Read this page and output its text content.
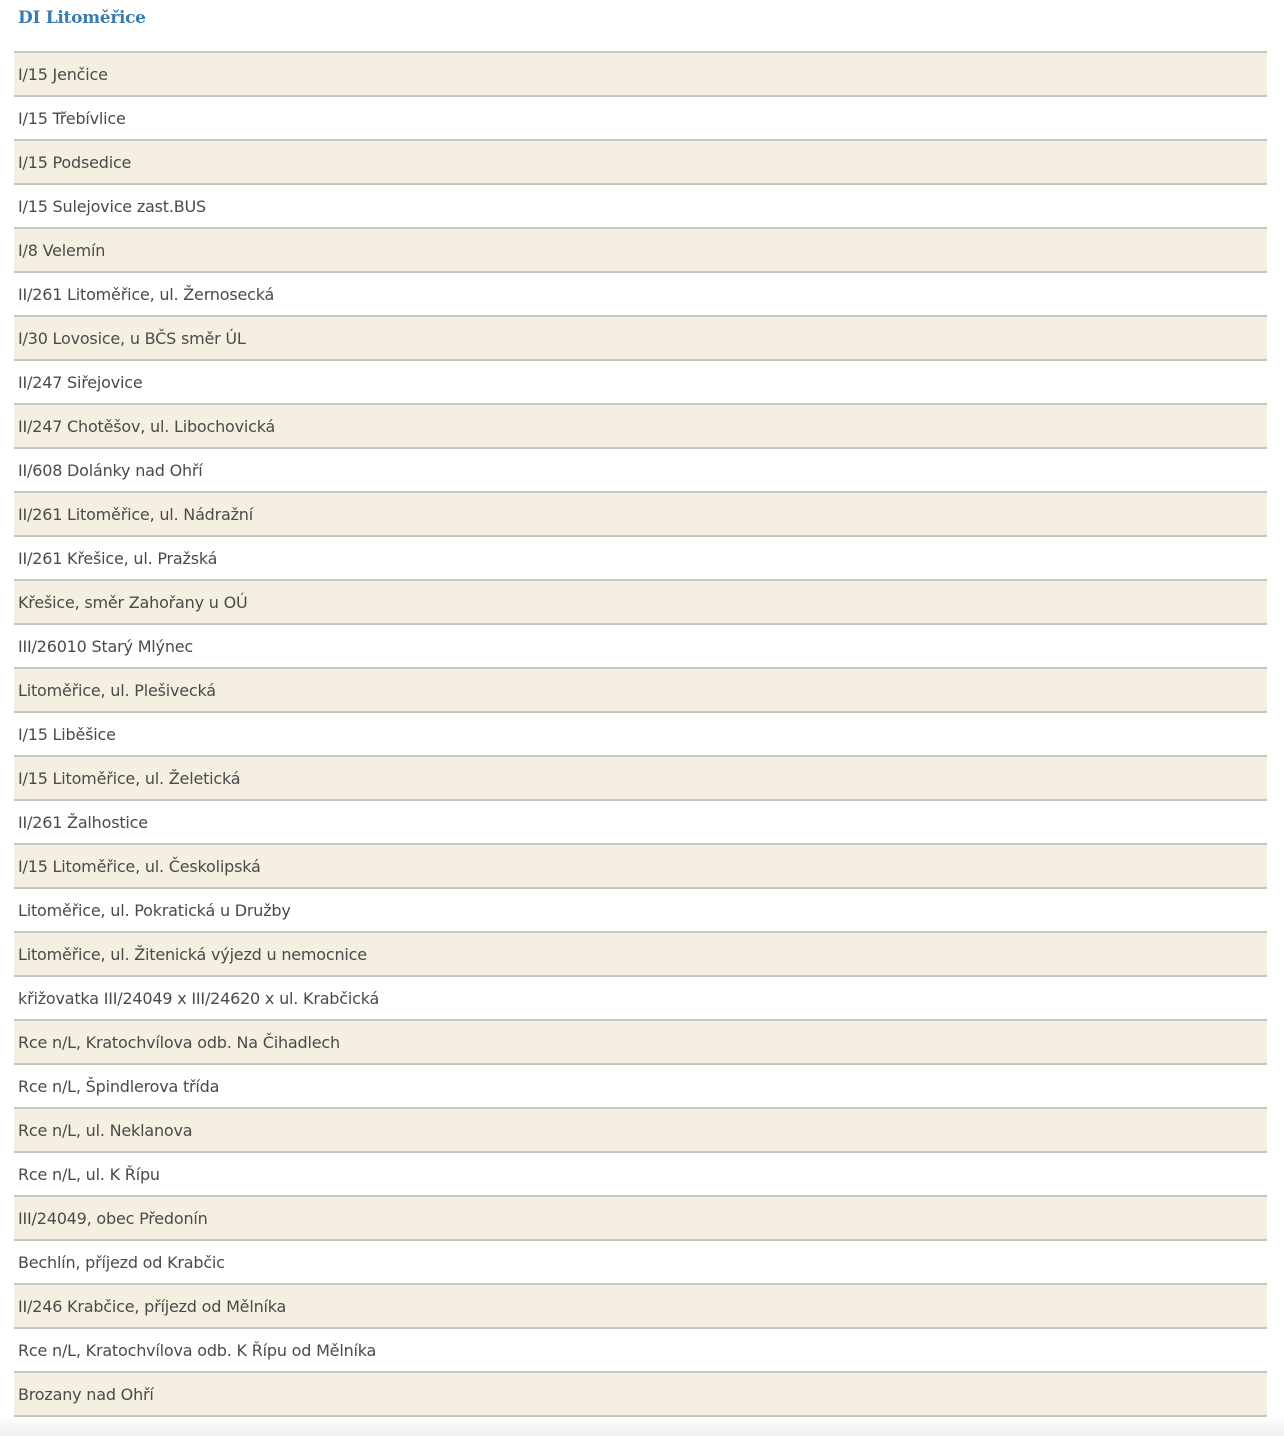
DI Litoměřice
I/15 Jenčice
I/15 Třebívlice
I/15 Podsedice
I/15 Sulejovice zast.BUS
I/8 Velemín
II/261 Litoměřice, ul. Žernosecká
I/30 Lovosice, u BČS směr ÚL
II/247 Siřejovice
II/247 Chotěšov, ul. Libochovická
II/608 Dolánky nad Ohří
II/261 Litoměřice, ul. Nádražní
II/261 Křešice, ul. Pražská
Křešice, směr Zahořany u OÚ
III/26010 Starý Mlýnec
Litoměřice, ul. Plešivecká
I/15 Liběšice
I/15 Litoměřice, ul. Želetická
II/261 Žalhostice
I/15 Litoměřice, ul. Českolipská
Litoměřice, ul. Pokratická u Družby
Litoměřice, ul. Žitenická výjezd u nemocnice
křižovatka III/24049 x III/24620 x ul. Krabčická
Rce n/L, Kratochvílova odb. Na Čihadlech
Rce n/L, Špindlerova třída
Rce n/L, ul. Neklanova
Rce n/L, ul. K Řípu
III/24049, obec Předonín
Bechlín, příjezd od Krabčic
II/246 Krabčice, příjezd od Mělníka
Rce n/L, Kratochvílova odb. K Řípu od Mělníka
Brozany nad Ohří
